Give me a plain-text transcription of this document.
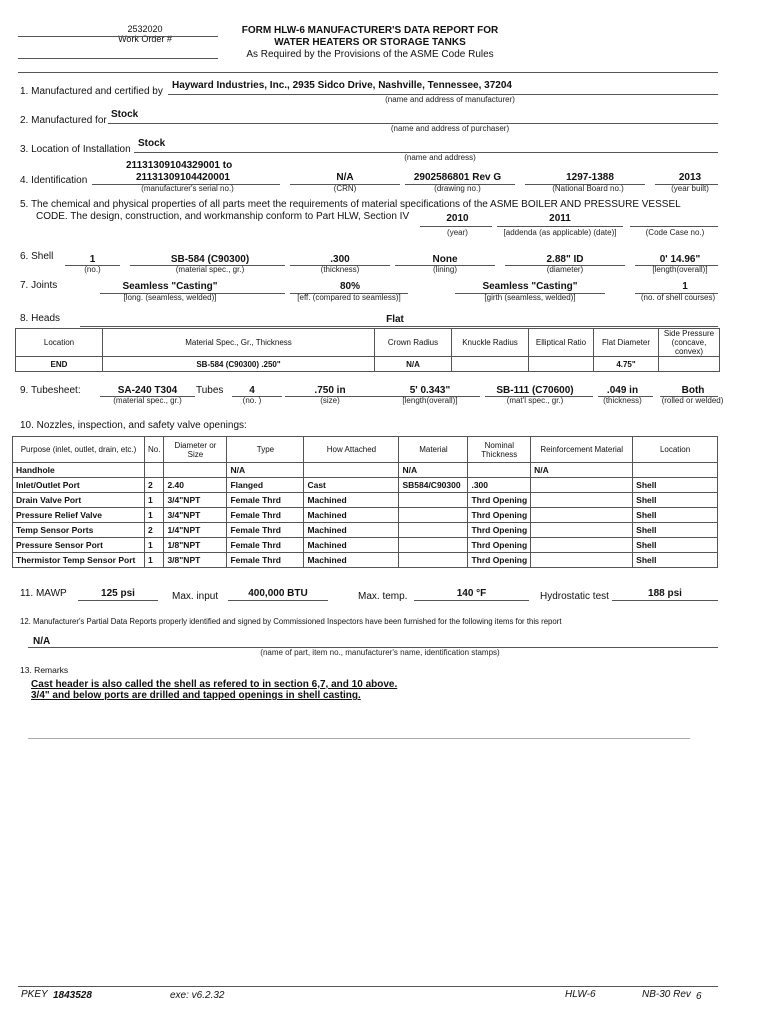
2532020
Work Order #
FORM HLW-6 MANUFACTURER'S DATA REPORT FOR
WATER HEATERS OR STORAGE TANKS
As Required by the Provisions of the ASME Code Rules
1. Manufactured and certified by
Hayward Industries, Inc., 2935 Sidco Drive, Nashville, Tennessee, 37204
(name and address of manufacturer)
2. Manufactured for
Stock
(name and address of purchaser)
3. Location of Installation
Stock
(name and address)
4. Identification
21131309104329001 to
21131309104420001
(manufacturer's serial no.)
N/A
(CRN)
2902586801 Rev G
(drawing no.)
1297-1388
(National Board no.)
2013
(year built)
5. The chemical and physical properties of all parts meet the requirements of material specifications of the ASME BOILER AND PRESSURE VESSEL
CODE. The design, construction, and workmanship conform to Part HLW, Section IV	2010
(year)
2011
[addenda (as applicable) (date)]	(Code Case no.)
6. Shell	1
(no.)
SB-584 (C90300)
(material spec., gr.)
.300
(thickness)
None
(lining)
2.88" ID
(diameter)
0' 14.96"
[length(overall)]
7. Joints	Seamless "Casting"
[long. (seamless, welded)]
80%
[eff. (compared to seamless)]
Seamless "Casting"
[girth (seamless, welded)]
1
(no. of shell courses)
8. Heads	Flat
Location	Material Spec., Gr., Thickness	Crown Radius	Knuckle Radius	Elliptical Ratio	Flat Diameter	Side Pressure (concave, convex)
END	SB-584 (C90300) .250"	N/A			4.75"	
9. Tubesheet:	SA-240 T304
(material spec., gr.)
Tubes	4
(no. )
.750 in
(size)
5' 0.343"
[length(overall)]
SB-111 (C70600)
(mat'l spec., gr.)
.049 in
(thickness)
Both
(rolled or welded)
10. Nozzles, inspection, and safety valve openings:
Purpose (inlet, outlet, drain, etc.)	No.	Diameter or Size	Type	How Attached	Material	Nominal Thickness	Reinforcement Material	Location
Handhole			N/A		N/A		N/A	
Inlet/Outlet Port	2	2.40	Flanged	Cast	SB584/C90300	.300		Shell
Drain Valve Port	1	3/4"NPT	Female Thrd	Machined		Thrd Opening		Shell
Pressure Relief Valve	1	3/4"NPT	Female Thrd	Machined		Thrd Opening		Shell
Temp Sensor Ports	2	1/4"NPT	Female Thrd	Machined		Thrd Opening		Shell
Pressure Sensor Port	1	1/8"NPT	Female Thrd	Machined		Thrd Opening		Shell
Thermistor Temp Sensor Port	1	3/8"NPT	Female Thrd	Machined		Thrd Opening		Shell
11. MAWP	125 psi	Max. input	400,000 BTU	Max. temp.	140 °F	Hydrostatic test	188 psi
12. Manufacturer's Partial Data Reports properly identified and signed by Commissioned Inspectors have been furnished for the following items for this report
N/A
(name of part, item no., manufacturer's name, identification stamps)
13. Remarks
Cast header is also called the shell as refered to in section 6,7, and 10 above.
3/4" and below ports are drilled and tapped openings in shell casting.
PKEY 1843528	exe: v6.2.32	HLW-6	NB-30 Rev 6
